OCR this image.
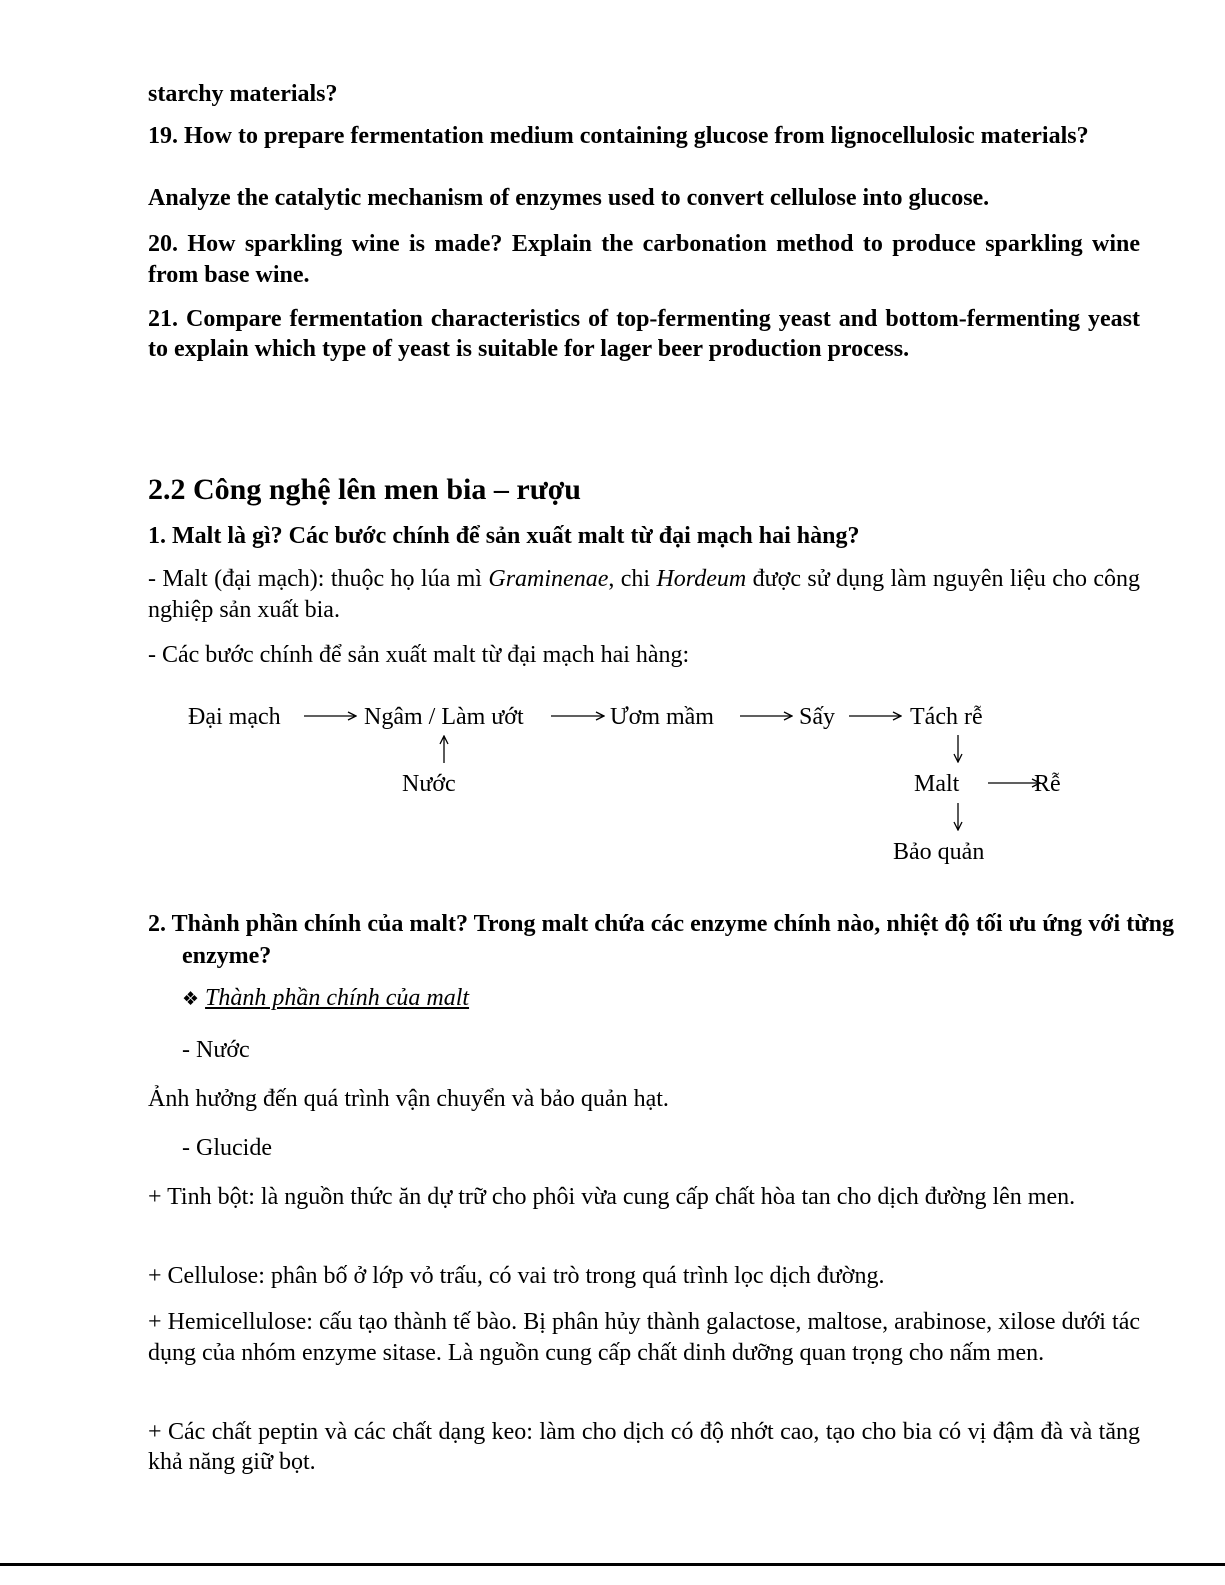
starchy materials?

19. How to prepare fermentation medium containing glucose from lignocellulosic materials?

Analyze the catalytic mechanism of enzymes used to convert cellulose into glucose.

20. How sparkling wine is made? Explain the carbonation method to produce sparkling wine from base wine.

21. Compare fermentation characteristics of top-fermenting yeast and bottom-fermenting yeast to explain which type of yeast is suitable for lager beer production process.

2.2 Công nghệ lên men bia – rượu

1. Malt là gì? Các bước chính để sản xuất malt từ đại mạch hai hàng?

- Malt (đại mạch): thuộc họ lúa mì Graminenae, chi Hordeum được sử dụng làm nguyên liệu cho công nghiệp sản xuất bia.

- Các bước chính để sản xuất malt từ đại mạch hai hàng:

Đại mạch	Ngâm / Làm ướt	Ươm mầm	Sấy	Tách rễ
Nước	Malt	Rễ
Bảo quản

2. Thành phần chính của malt? Trong malt chứa các enzyme chính nào, nhiệt độ tối ưu ứng với từng enzyme?

❖ Thành phần chính của malt

- Nước

Ảnh hưởng đến quá trình vận chuyển và bảo quản hạt.

- Glucide

+ Tinh bột: là nguồn thức ăn dự trữ cho phôi vừa cung cấp chất hòa tan cho dịch đường lên men.

+ Cellulose: phân bố ở lớp vỏ trấu, có vai trò trong quá trình lọc dịch đường.

+ Hemicellulose: cấu tạo thành tế bào. Bị phân hủy thành galactose, maltose, arabinose, xilose dưới tác dụng của nhóm enzyme sitase. Là nguồn cung cấp chất dinh dưỡng quan trọng cho nấm men.

+ Các chất peptin và các chất dạng keo: làm cho dịch có độ nhớt cao, tạo cho bia có vị đậm đà và tăng khả năng giữ bọt.
